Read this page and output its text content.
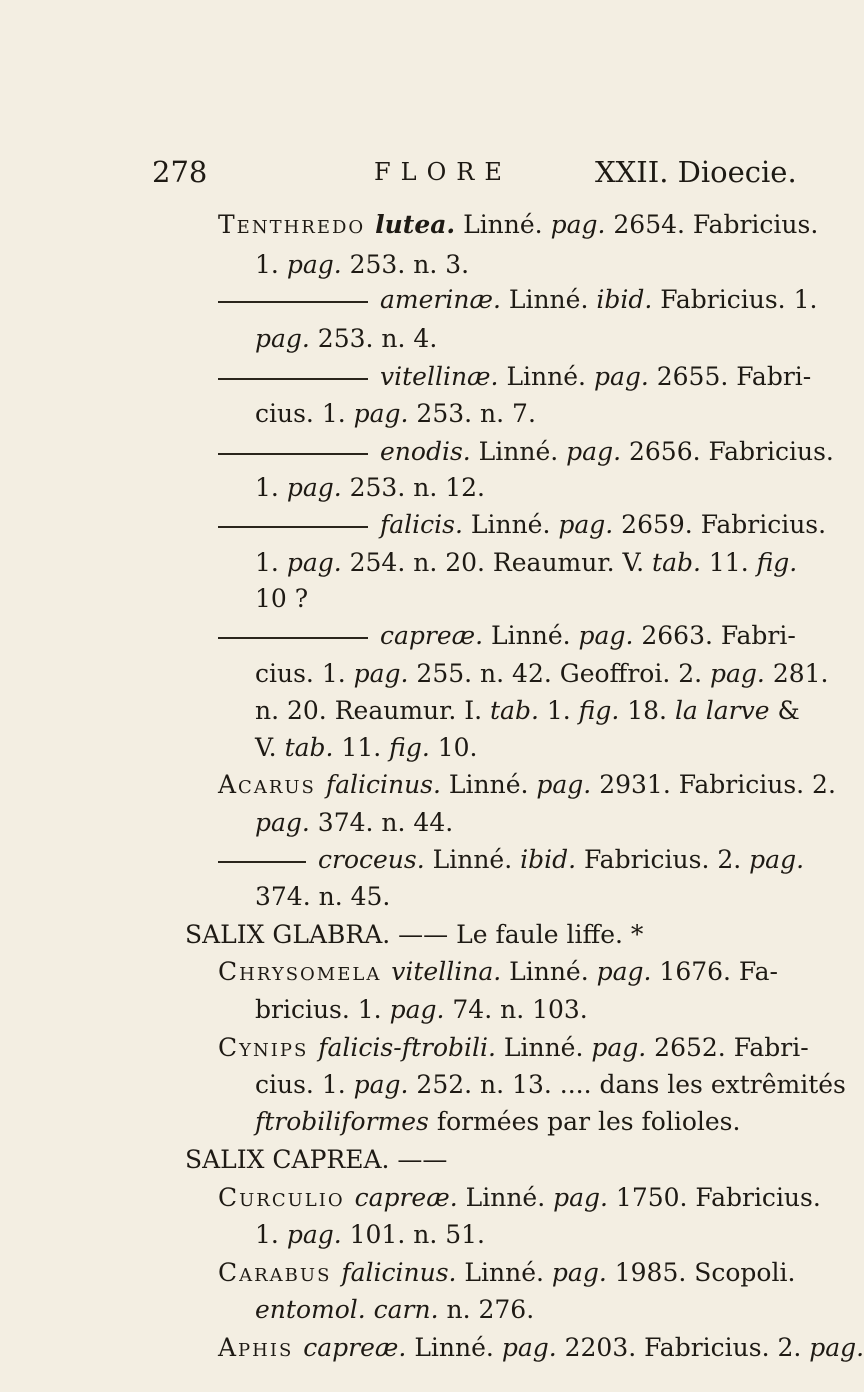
278	FLORE	XXII. Dioecie.
Tenthredo lutea. Linné. pag. 2654. Fabricius.
1. pag. 253. n. 3.
amerinæ. Linné. ibid. Fabricius. 1.
pag. 253. n. 4.
vitellinæ. Linné. pag. 2655. Fabri-
cius. 1. pag. 253. n. 7.
enodis. Linné. pag. 2656. Fabricius.
1. pag. 253. n. 12.
falicis. Linné. pag. 2659. Fabricius.
1. pag. 254. n. 20. Reaumur. V. tab. 11. fig.
10 ?
capreæ. Linné. pag. 2663. Fabri-
cius. 1. pag. 255. n. 42. Geoffroi. 2. pag. 281.
n. 20. Reaumur. I. tab. 1. fig. 18. la larve &
V. tab. 11. fig. 10.
Acarus falicinus. Linné. pag. 2931. Fabricius. 2.
pag. 374. n. 44.
croceus. Linné. ibid. Fabricius. 2. pag.
374. n. 45.
SALIX GLABRA. —— Le faule liffe. *
Chrysomela vitellina. Linné. pag. 1676. Fa-
bricius. 1. pag. 74. n. 103.
Cynips falicis-ftrobili. Linné. pag. 2652. Fabri-
cius. 1. pag. 252. n. 13. .... dans les extrêmités
ftrobiliformes formées par les folioles.
SALIX CAPREA. ——
Curculio capreæ. Linné. pag. 1750. Fabricius.
1. pag. 101. n. 51.
Carabus falicinus. Linné. pag. 1985. Scopoli.
entomol. carn. n. 276.
Aphis capreæ. Linné. pag. 2203. Fabricius. 2. pag.
